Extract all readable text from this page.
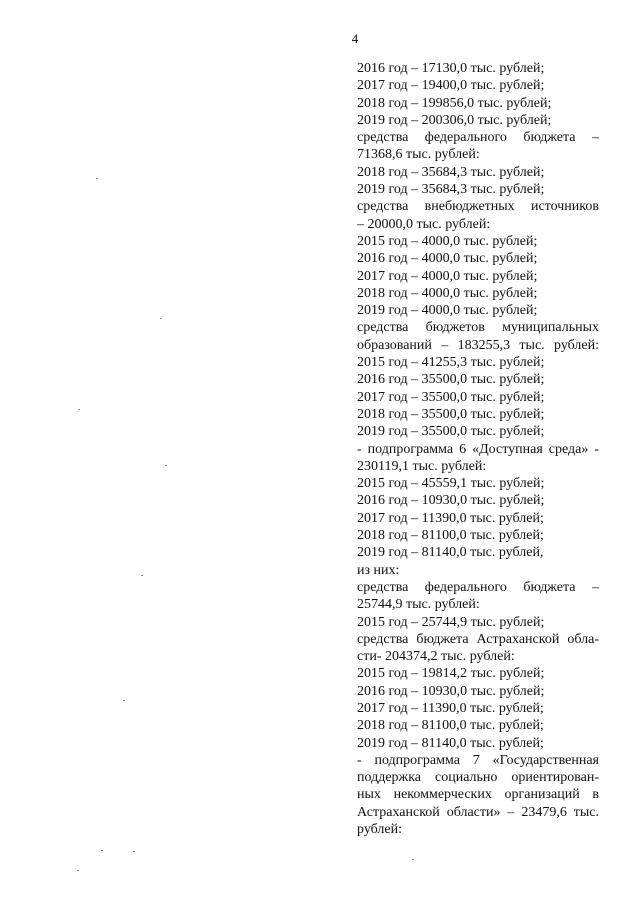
4
2016 год – 17130,0 тыс. рублей;
2017 год – 19400,0 тыс. рублей;
2018 год – 199856,0 тыс. рублей;
2019 год – 200306,0 тыс. рублей;
средства федерального бюджета –
71368,6 тыс. рублей:
2018 год – 35684,3 тыс. рублей;
2019 год – 35684,3 тыс. рублей;
средства внебюджетных источников
– 20000,0 тыс. рублей:
2015 год – 4000,0 тыс. рублей;
2016 год – 4000,0 тыс. рублей;
2017 год – 4000,0 тыс. рублей;
2018 год – 4000,0 тыс. рублей;
2019 год – 4000,0 тыс. рублей;
средства бюджетов муниципальных
образований – 183255,3 тыс. рублей:
2015 год – 41255,3 тыс. рублей;
2016 год – 35500,0 тыс. рублей;
2017 год – 35500,0 тыс. рублей;
2018 год – 35500,0 тыс. рублей;
2019 год – 35500,0 тыс. рублей;
- подпрограмма 6 «Доступная среда» -
230119,1 тыс. рублей:
2015 год – 45559,1 тыс. рублей;
2016 год – 10930,0 тыс. рублей;
2017 год – 11390,0 тыс. рублей;
2018 год – 81100,0 тыс. рублей;
2019 год – 81140,0 тыс. рублей,
из них:
средства федерального бюджета –
25744,9 тыс. рублей:
2015 год – 25744,9 тыс. рублей;
средства бюджета Астраханской обла-
сти- 204374,2 тыс. рублей:
2015 год – 19814,2 тыс. рублей;
2016 год – 10930,0 тыс. рублей;
2017 год – 11390,0 тыс. рублей;
2018 год – 81100,0 тыс. рублей;
2019 год – 81140,0 тыс. рублей;
- подпрограмма 7 «Государственная
поддержка социально ориентирован-
ных некоммерческих организаций в
Астраханской области» – 23479,6 тыс.
рублей:
